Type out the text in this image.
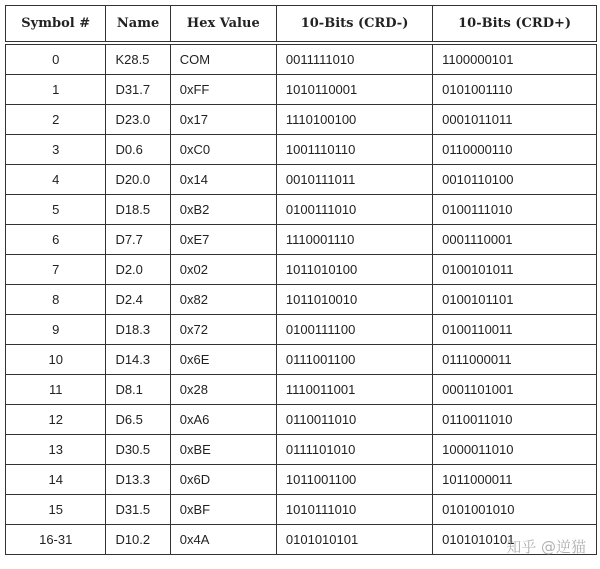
Symbol #	Name	Hex Value	10-Bits (CRD-)	10-Bits (CRD+)
0	K28.5	COM	0011111010	1100000101
1	D31.7	0xFF	1010110001	0101001110
2	D23.0	0x17	1110100100	0001011011
3	D0.6	0xC0	1001110110	0110000110
4	D20.0	0x14	0010111011	0010110100
5	D18.5	0xB2	0100111010	0100111010
6	D7.7	0xE7	1110001110	0001110001
7	D2.0	0x02	1011010100	0100101011
8	D2.4	0x82	1011010010	0100101101
9	D18.3	0x72	0100111100	0100110011
10	D14.3	0x6E	0111001100	0111000011
11	D8.1	0x28	1110011001	0001101001
12	D6.5	0xA6	0110011010	0110011010
13	D30.5	0xBE	0111101010	1000011010
14	D13.3	0x6D	1011001100	1011000011
15	D31.5	0xBF	1010111010	0101001010
16-31	D10.2	0x4A	0101010101	0101010101
知乎 @逆猫
